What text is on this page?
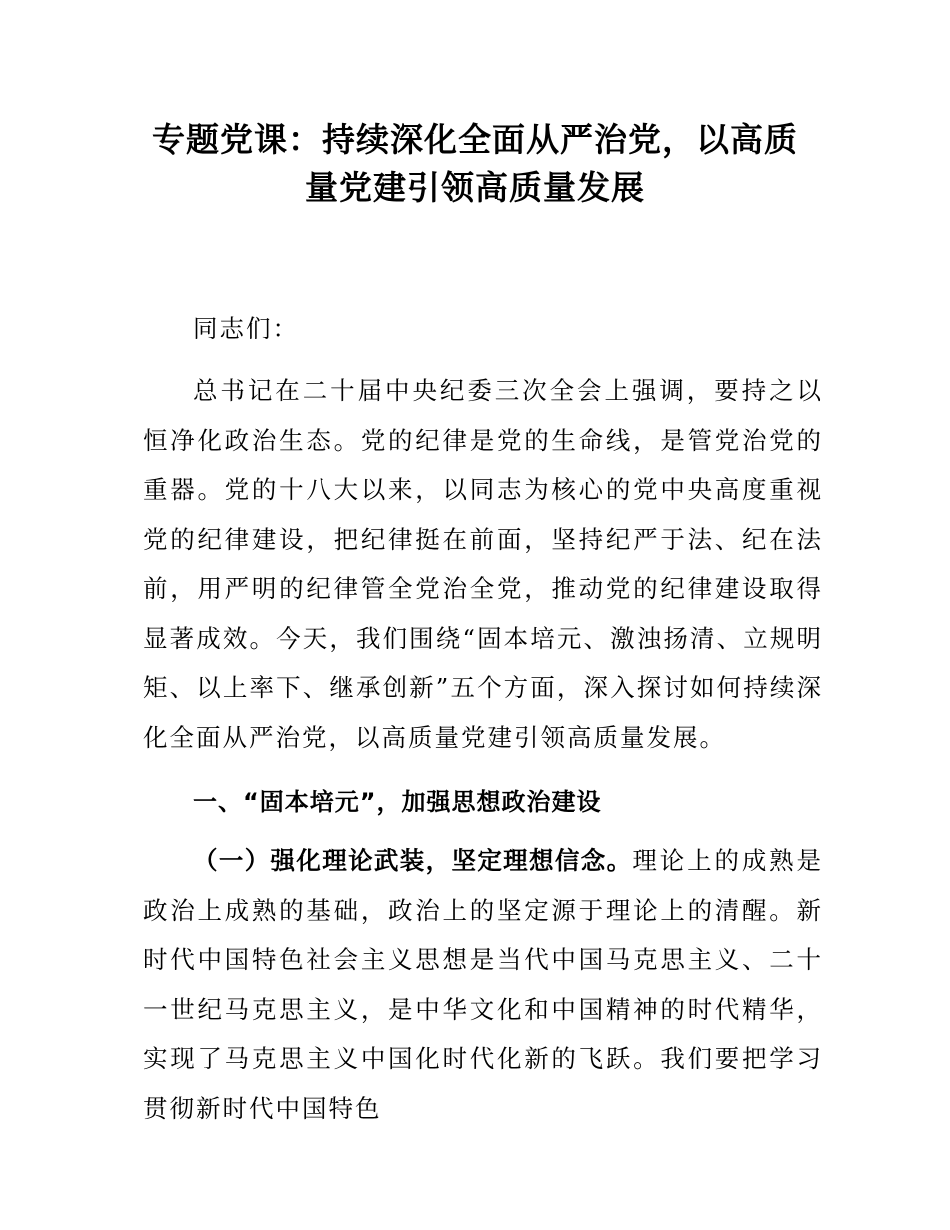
专题党课：持续深化全面从严治党，以高质
量党建引领高质量发展

同志们：

总书记在二十届中央纪委三次全会上强调，要持之以恒净化政治生态。党的纪律是党的生命线，是管党治党的重器。党的十八大以来，以同志为核心的党中央高度重视党的纪律建设，把纪律挺在前面，坚持纪严于法、纪在法前，用严明的纪律管全党治全党，推动党的纪律建设取得显著成效。今天，我们围绕“固本培元、激浊扬清、立规明矩、以上率下、继承创新”五个方面，深入探讨如何持续深化全面从严治党，以高质量党建引领高质量发展。

一、“固本培元”，加强思想政治建设

（一）强化理论武装，坚定理想信念。理论上的成熟是政治上成熟的基础，政治上的坚定源于理论上的清醒。新时代中国特色社会主义思想是当代中国马克思主义、二十一世纪马克思主义，是中华文化和中国精神的时代精华，实现了马克思主义中国化时代化新的飞跃。我们要把学习贯彻新时代中国特色
